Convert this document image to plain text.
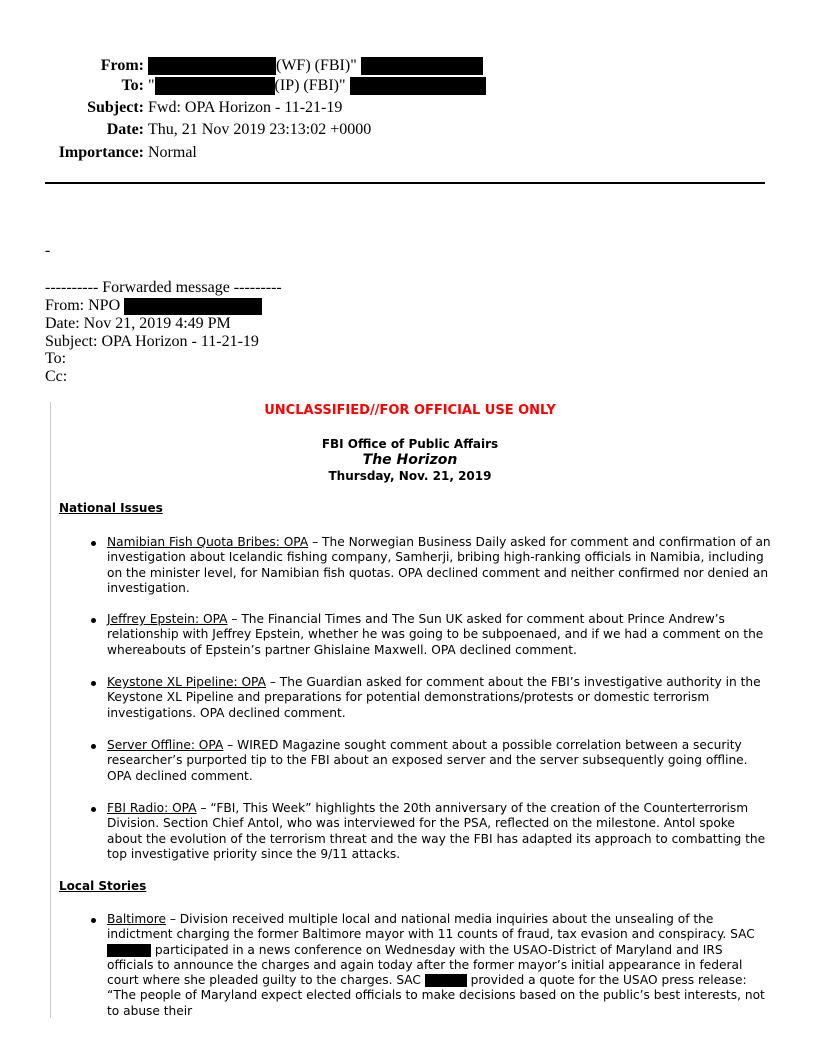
From:	(WF) (FBI)"
To: "	(IP) (FBI)"
Subject: Fwd: OPA Horizon - 11-21-19
Date: Thu, 21 Nov 2019 23:13:02 +0000
Importance: Normal
-
---------- Forwarded message ---------
From: NPO
Date: Nov 21, 2019 4:49 PM
Subject: OPA Horizon - 11-21-19
To:
Cc:
UNCLASSIFIED//FOR OFFICIAL USE ONLY
FBI Office of Public Affairs
The Horizon
Thursday, Nov. 21, 2019
National Issues
Namibian Fish Quota Bribes: OPA – The Norwegian Business Daily asked for comment and confirmation of an investigation about Icelandic fishing company, Samherji, bribing high-ranking officials in Namibia, including on the minister level, for Namibian fish quotas. OPA declined comment and neither confirmed nor denied an investigation.
Jeffrey Epstein: OPA – The Financial Times and The Sun UK asked for comment about Prince Andrew’s relationship with Jeffrey Epstein, whether he was going to be subpoenaed, and if we had a comment on the whereabouts of Epstein’s partner Ghislaine Maxwell. OPA declined comment.
Keystone XL Pipeline: OPA – The Guardian asked for comment about the FBI’s investigative authority in the Keystone XL Pipeline and preparations for potential demonstrations/protests or domestic terrorism investigations. OPA declined comment.
Server Offline: OPA – WIRED Magazine sought comment about a possible correlation between a security researcher’s purported tip to the FBI about an exposed server and the server subsequently going offline. OPA declined comment.
FBI Radio: OPA – “FBI, This Week” highlights the 20th anniversary of the creation of the Counterterrorism Division. Section Chief Antol, who was interviewed for the PSA, reflected on the milestone. Antol spoke about the evolution of the terrorism threat and the way the FBI has adapted its approach to combatting the top investigative priority since the 9/11 attacks.
Local Stories
Baltimore – Division received multiple local and national media inquiries about the unsealing of the indictment charging the former Baltimore mayor with 11 counts of fraud, tax evasion and conspiracy. SAC  participated in a news conference on Wednesday with the USAO-District of Maryland and IRS officials to announce the charges and again today after the former mayor’s initial appearance in federal court where she pleaded guilty to the charges. SAC	provided a quote for the USAO press release: “The people of Maryland expect elected officials to make decisions based on the public’s best interests, not to abuse their
